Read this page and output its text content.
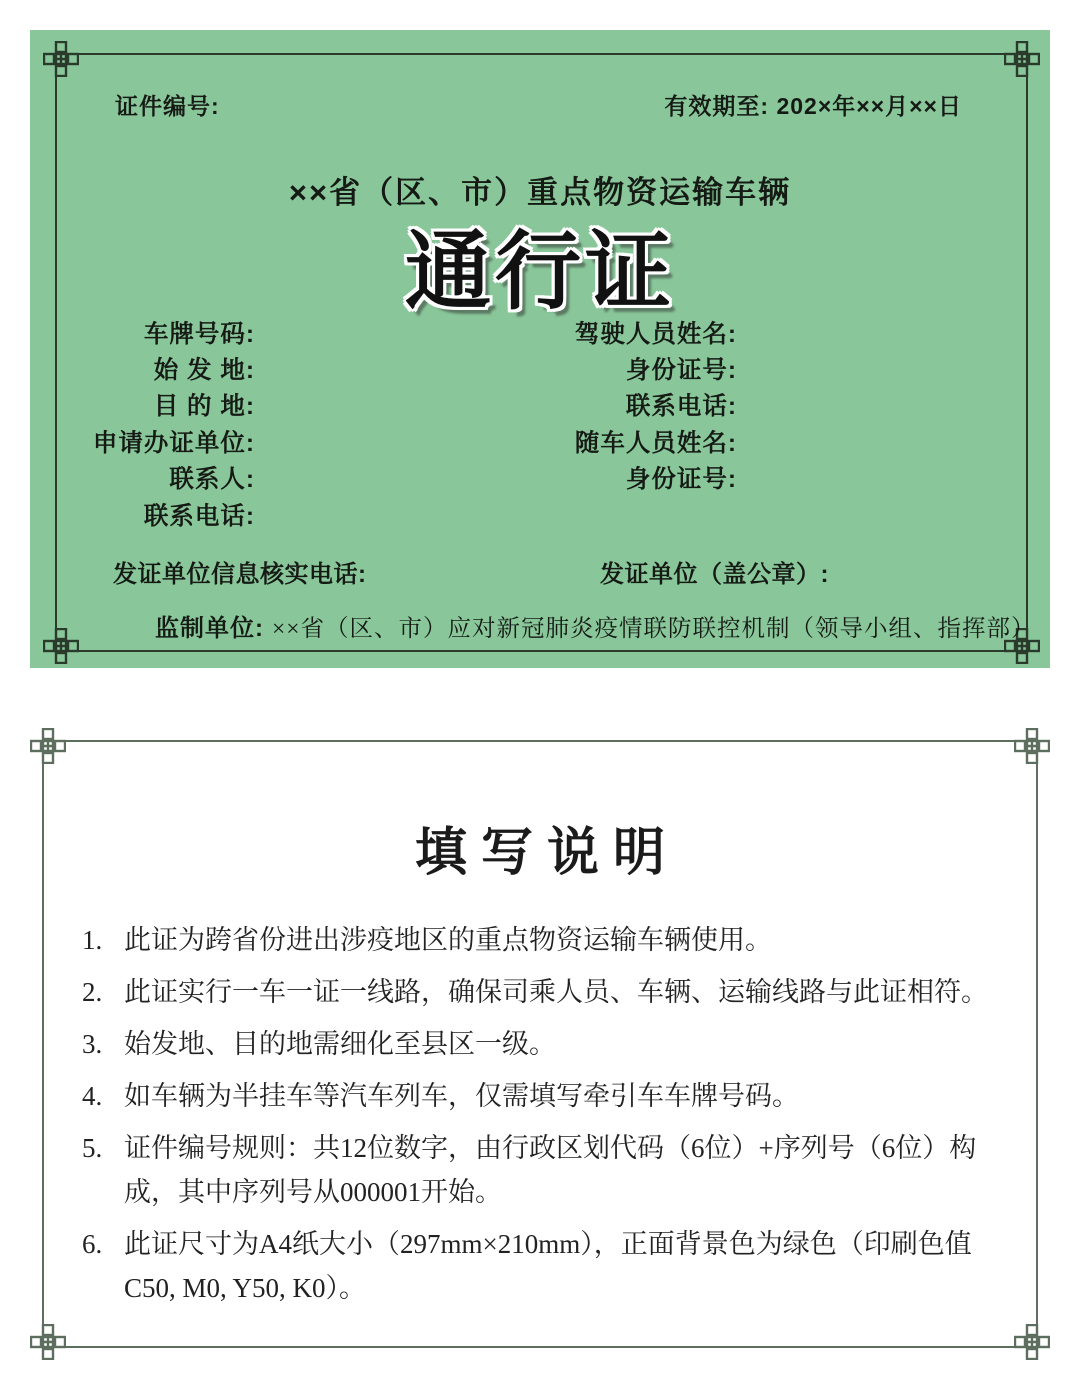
证件编号:	有效期至: 202×年××月××日
××省（区、市）重点物资运输车辆
通行证
车牌号码:
始 发 地:
目 的 地:
申请办证单位:
联系人:
联系电话:
驾驶人员姓名:
身份证号:
联系电话:
随车人员姓名:
身份证号:
发证单位信息核实电话:	发证单位（盖公章）:
监制单位: ××省（区、市）应对新冠肺炎疫情联防联控机制（领导小组、指挥部）
填写说明
1. 此证为跨省份进出涉疫地区的重点物资运输车辆使用。
2. 此证实行一车一证一线路，确保司乘人员、车辆、运输线路与此证相符。
3. 始发地、目的地需细化至县区一级。
4. 如车辆为半挂车等汽车列车，仅需填写牵引车车牌号码。
5. 证件编号规则：共12位数字，由行政区划代码（6位）+序列号（6位）构成，其中序列号从000001开始。
6. 此证尺寸为A4纸大小（297mm×210mm），正面背景色为绿色（印刷色值C50, M0, Y50, K0）。
